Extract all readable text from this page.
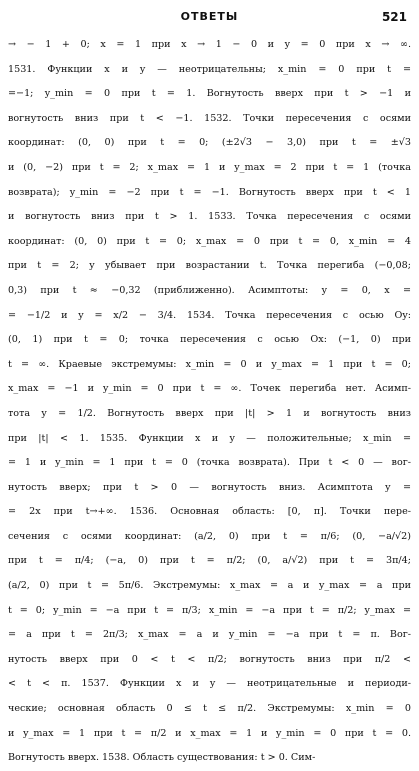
ОТВЕТЫ	521
→ − 1 + 0; x = 1 при x → 1 − 0 и y = 0 при x → ∞.
1531. Функции x и y — неотрицательны; x_min = 0 при t =
=−1; y_min = 0 при t = 1. Вогнутость вверх при t > −1 и
вогнутость вниз при t < −1. 1532. Точки пересечения с осями
координат: (0, 0) при t = 0; (±2√3 − 3,0) при t = ±√3
и (0, −2) при t = 2; x_max = 1 и y_max = 2 при t = 1 (точка
возврата); y_min = −2 при t = −1. Вогнутость вверх при t < 1
и вогнутость вниз при t > 1. 1533. Точка пересечения с осями
координат: (0, 0) при t = 0; x_max = 0 при t = 0, x_min = 4
при t = 2; y убывает при возрастании t. Точка перегиба (−0,08;
0,3) при t ≈ −0,32 (приближенно). Асимптоты: y = 0, x =
= −1/2 и y = x/2 − 3/4. 1534. Точка пересечения с осью Oy:
(0, 1) при t = 0; точка пересечения с осью Ox: (−1, 0) при
t = ∞. Краевые экстремумы: x_min = 0 и y_max = 1 при t = 0;
x_max = −1 и y_min = 0 при t = ∞. Точек перегиба нет. Асимп-
тота y = 1/2. Вогнутость вверх при |t| > 1 и вогнутость вниз
при |t| < 1. 1535. Функции x и y — положительные; x_min =
= 1 и y_min = 1 при t = 0 (точка возврата). При t < 0 — вог-
нутость вверх; при t > 0 — вогнутость вниз. Асимптота y =
= 2x при t→+∞. 1536. Основная область: [0, π]. Точки пере-
сечения с осями координат: (a/2, 0) при t = π/6; (0, −a/√2)
при t = π/4; (−a, 0) при t = π/2; (0, a/√2) при t = 3π/4;
(a/2, 0) при t = 5π/6. Экстремумы: x_max = a и y_max = a при
t = 0; y_min = −a при t = π/3; x_min = −a при t = π/2; y_max =
= a при t = 2π/3; x_max = a и y_min = −a при t = π. Вог-
нутость вверх при 0 < t < π/2; вогнутость вниз при π/2 <
< t < π. 1537. Функции x и y — неотрицательные и периоди-
ческие; основная область 0 ≤ t ≤ π/2. Экстремумы: x_min = 0
и y_max = 1 при t = π/2 и x_max = 1 и y_min = 0 при t = 0.
Вогнутость вверх. 1538. Область существования: t > 0. Сим-
